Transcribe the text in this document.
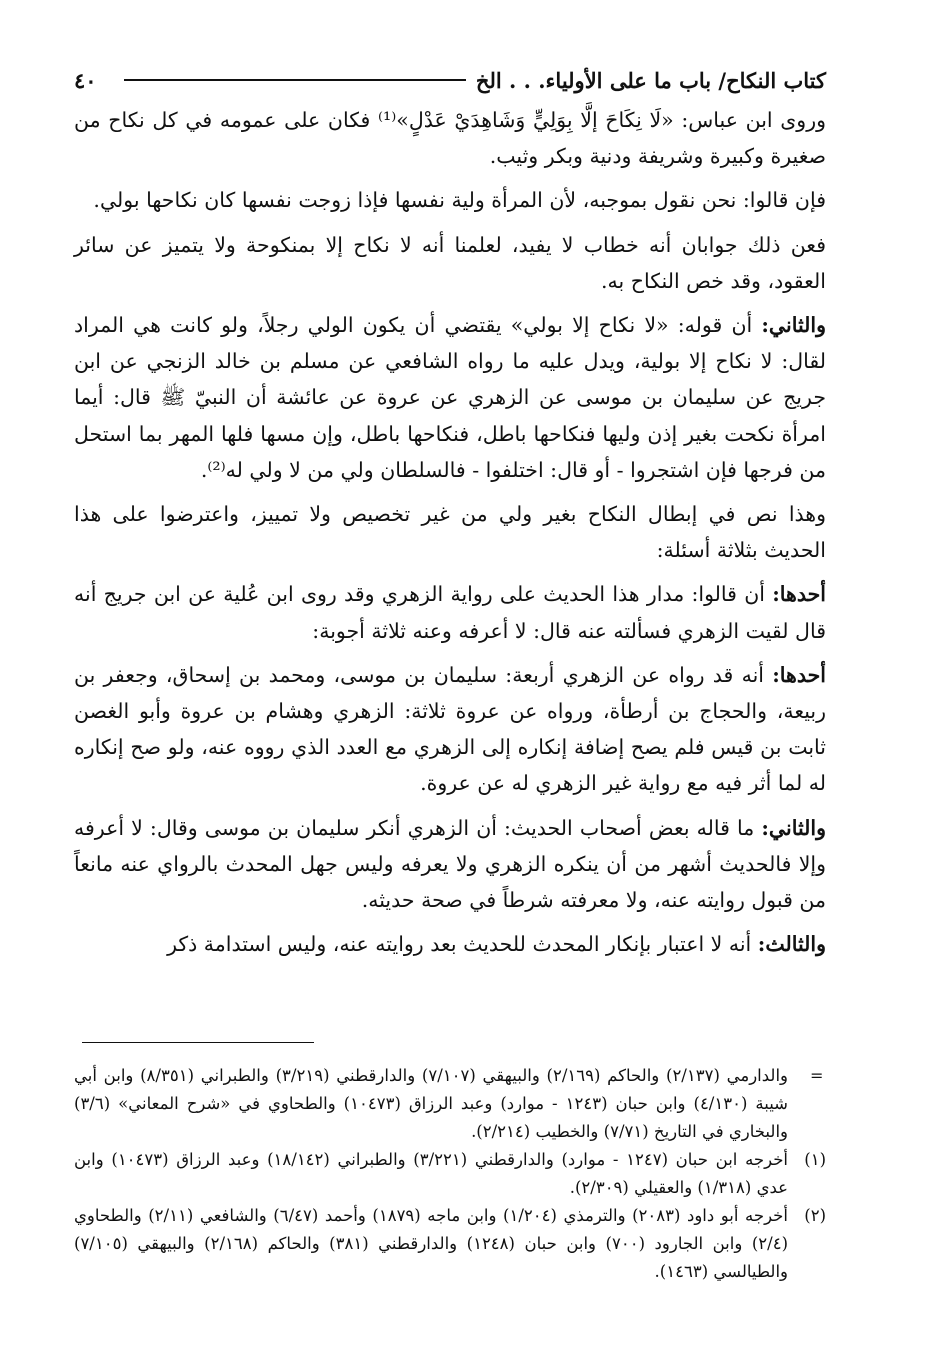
كتاب النكاح/ باب ما على الأولياء. . . الخ
٤٠

وروى ابن عباس: «لَا نِكَاحَ إلَّا بِوَلِيٍّ وَشَاهِدَيْ عَدْلٍ»⁽¹⁾ فكان على عمومه في كل نكاح من صغيرة وكبيرة وشريفة ودنية وبكر وثيب.

فإن قالوا: نحن نقول بموجبه، لأن المرأة ولية نفسها فإذا زوجت نفسها كان نكاحها بولي.

فعن ذلك جوابان أنه خطاب لا يفيد، لعلمنا أنه لا نكاح إلا بمنكوحة ولا يتميز عن سائر العقود، وقد خص النكاح به.

والثاني: أن قوله: «لا نكاح إلا بولي» يقتضي أن يكون الولي رجلاً، ولو كانت هي المراد لقال: لا نكاح إلا بولية، ويدل عليه ما رواه الشافعي عن مسلم بن خالد الزنجي عن ابن جريج عن سليمان بن موسى عن الزهري عن عروة عن عائشة أن النبيّ ﷺ قال: أيما امرأة نكحت بغير إذن وليها فنكاحها باطل، فنكاحها باطل، وإن مسها فلها المهر بما استحل من فرجها فإن اشتجروا - أو قال: اختلفوا - فالسلطان ولي من لا ولي له⁽²⁾.

وهذا نص في إبطال النكاح بغير ولي من غير تخصيص ولا تمييز، واعترضوا على هذا الحديث بثلاثة أسئلة:

أحدها: أن قالوا: مدار هذا الحديث على رواية الزهري وقد روى ابن عُلية عن ابن جريج أنه قال لقيت الزهري فسألته عنه قال: لا أعرفه وعنه ثلاثة أجوبة:

أحدها: أنه قد رواه عن الزهري أربعة: سليمان بن موسى، ومحمد بن إسحاق، وجعفر بن ربيعة، والحجاج بن أرطأة، ورواه عن عروة ثلاثة: الزهري وهشام بن عروة وأبو الغصن ثابت بن قيس فلم يصح إضافة إنكاره إلى الزهري مع العدد الذي رووه عنه، ولو صح إنكاره له لما أثر فيه مع رواية غير الزهري له عن عروة.

والثاني: ما قاله بعض أصحاب الحديث: أن الزهري أنكر سليمان بن موسى وقال: لا أعرفه وإلا فالحديث أشهر من أن ينكره الزهري ولا يعرفه وليس جهل المحدث بالرواي عنه مانعاً من قبول روايته عنه، ولا معرفته شرطاً في صحة حديثه.

والثالث: أنه لا اعتبار بإنكار المحدث للحديث بعد روايته عنه، وليس استدامة ذكر

والدارمي (٢/١٣٧) والحاكم (٢/١٦٩) والبيهقي (٧/١٠٧) والدارقطني (٣/٢١٩) والطبراني (٨/٣٥١) وابن أبي شيبة (٤/١٣٠) وابن حبان (١٢٤٣ - موارد) وعبد الرزاق (١٠٤٧٣) والطحاوي في «شرح المعاني» (٣/٦) والبخاري في التاريخ (٧/٧١) والخطيب (٢/٢١٤).
(١)
أخرجه ابن حبان (١٢٤٧ - موارد) والدارقطني (٣/٢٢١) والطبراني (١٨/١٤٢) وعبد الرزاق (١٠٤٧٣) وابن عدي (١/٣١٨) والعقيلي (٢/٣٠٩).
(٢)
أخرجه أبو داود (٢٠٨٣) والترمذي (١/٢٠٤) وابن ماجه (١٨٧٩) وأحمد (٦/٤٧) والشافعي (٢/١١) والطحاوي (٢/٤) وابن الجارود (٧٠٠) وابن حبان (١٢٤٨) والدارقطني (٣٨١) والحاكم (٢/١٦٨) والبيهقي (٧/١٠٥) والطيالسي (١٤٦٣).
=
